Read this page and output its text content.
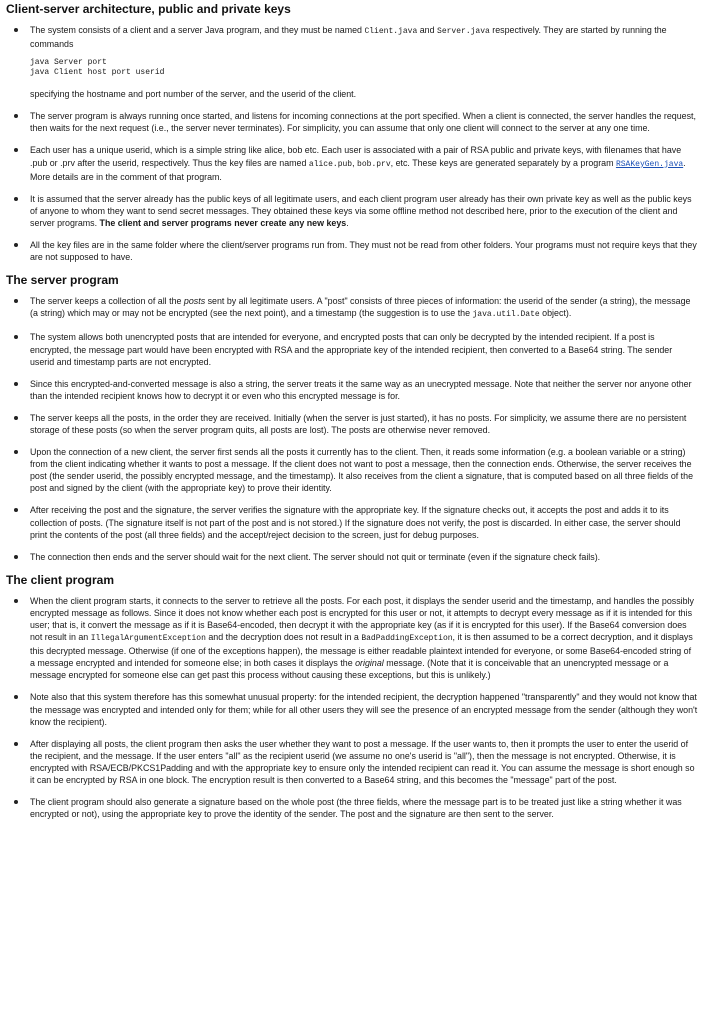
Client-server architecture, public and private keys

The system consists of a client and a server Java program, and they must be named Client.java and Server.java respectively. They are started by running the commands

java Server port
java Client host port userid

specifying the hostname and port number of the server, and the userid of the client.

The server program is always running once started, and listens for incoming connections at the port specified. When a client is connected, the server handles the request, then waits for the next request (i.e., the server never terminates). For simplicity, you can assume that only one client will connect to the server at any one time.
Each user has a unique userid, which is a simple string like alice, bob etc. Each user is associated with a pair of RSA public and private keys, with filenames that have .pub or .prv after the userid, respectively. Thus the key files are named alice.pub, bob.prv, etc. These keys are generated separately by a program RSAKeyGen.java. More details are in the comment of that program.
It is assumed that the server already has the public keys of all legitimate users, and each client program user already has their own private key as well as the public keys of anyone to whom they want to send secret messages. They obtained these keys via some offline method not described here, prior to the execution of the client and server programs. The client and server programs never create any new keys.
All the key files are in the same folder where the client/server programs run from. They must not be read from other folders. Your programs must not require keys that they are not supposed to have.
The server program
The server keeps a collection of all the posts sent by all legitimate users. A "post" consists of three pieces of information: the userid of the sender (a string), the message (a string) which may or may not be encrypted (see the next point), and a timestamp (the suggestion is to use the java.util.Date object).
The system allows both unencrypted posts that are intended for everyone, and encrypted posts that can only be decrypted by the intended recipient. If a post is encrypted, the message part would have been encrypted with RSA and the appropriate key of the intended recipient, then converted to a Base64 string. The sender userid and timestamp parts are not encrypted.
Since this encrypted-and-converted message is also a string, the server treats it the same way as an unecrypted message. Note that neither the server nor anyone other than the intended recipient knows how to decrypt it or even who this encrypted message is for.
The server keeps all the posts, in the order they are received. Initially (when the server is just started), it has no posts. For simplicity, we assume there are no persistent storage of these posts (so when the server program quits, all posts are lost). The posts are otherwise never removed.
Upon the connection of a new client, the server first sends all the posts it currently has to the client. Then, it reads some information (e.g. a boolean variable or a string) from the client indicating whether it wants to post a message. If the client does not want to post a message, then the connection ends. Otherwise, the server receives the post (the sender userid, the possibly encrypted message, and the timestamp). It also receives from the client a signature, that is computed based on all three fields of the post and signed by the client (with the appropriate key) to prove their identity.
After receiving the post and the signature, the server verifies the signature with the appropriate key. If the signature checks out, it accepts the post and adds it to its collection of posts. (The signature itself is not part of the post and is not stored.) If the signature does not verify, the post is discarded. In either case, the server should print the contents of the post (all three fields) and the accept/reject decision to the screen, just for debug purposes.
The connection then ends and the server should wait for the next client. The server should not quit or terminate (even if the signature check fails).
The client program
When the client program starts, it connects to the server to retrieve all the posts. For each post, it displays the sender userid and the timestamp, and handles the possibly encrypted message as follows. Since it does not know whether each post is encrypted for this user or not, it attempts to decrypt every message as if it is intended for this user; that is, it convert the message as if it is Base64-encoded, then decrypt it with the appropriate key (as if it is encrypted for this user). If the Base64 conversion does not result in an IllegalArgumentException and the decryption does not result in a BadPaddingException, it is then assumed to be a correct decryption, and it displays this decrypted message. Otherwise (if one of the exceptions happen), the message is either readable plaintext intended for everyone, or some Base64-encoded string of a message encrypted and intended for someone else; in both cases it displays the original message. (Note that it is conceivable that an unencrypted message or a message encrypted for someone else can get past this process without causing these exceptions, but this is unlikely.)
Note also that this system therefore has this somewhat unusual property: for the intended recipient, the decryption happened "transparently" and they would not know that the message was encrypted and intended only for them; while for all other users they will see the presence of an encrypted message from the sender (although they won't know the recipient).
After displaying all posts, the client program then asks the user whether they want to post a message. If the user wants to, then it prompts the user to enter the userid of the recipient, and the message. If the user enters "all" as the recipient userid (we assume no one's userid is "all"), then the message is not encrypted. Otherwise, it is encrypted with RSA/ECB/PKCS1Padding and with the appropriate key to ensure only the intended recipient can read it. You can assume the message is short enough so it can be encrypted by RSA in one block. The encryption result is then converted to a Base64 string, and this becomes the "message" part of the post.
The client program should also generate a signature based on the whole post (the three fields, where the message part is to be treated just like a string whether it was encrypted or not), using the appropriate key to prove the identity of the sender. The post and the signature are then sent to the server.
